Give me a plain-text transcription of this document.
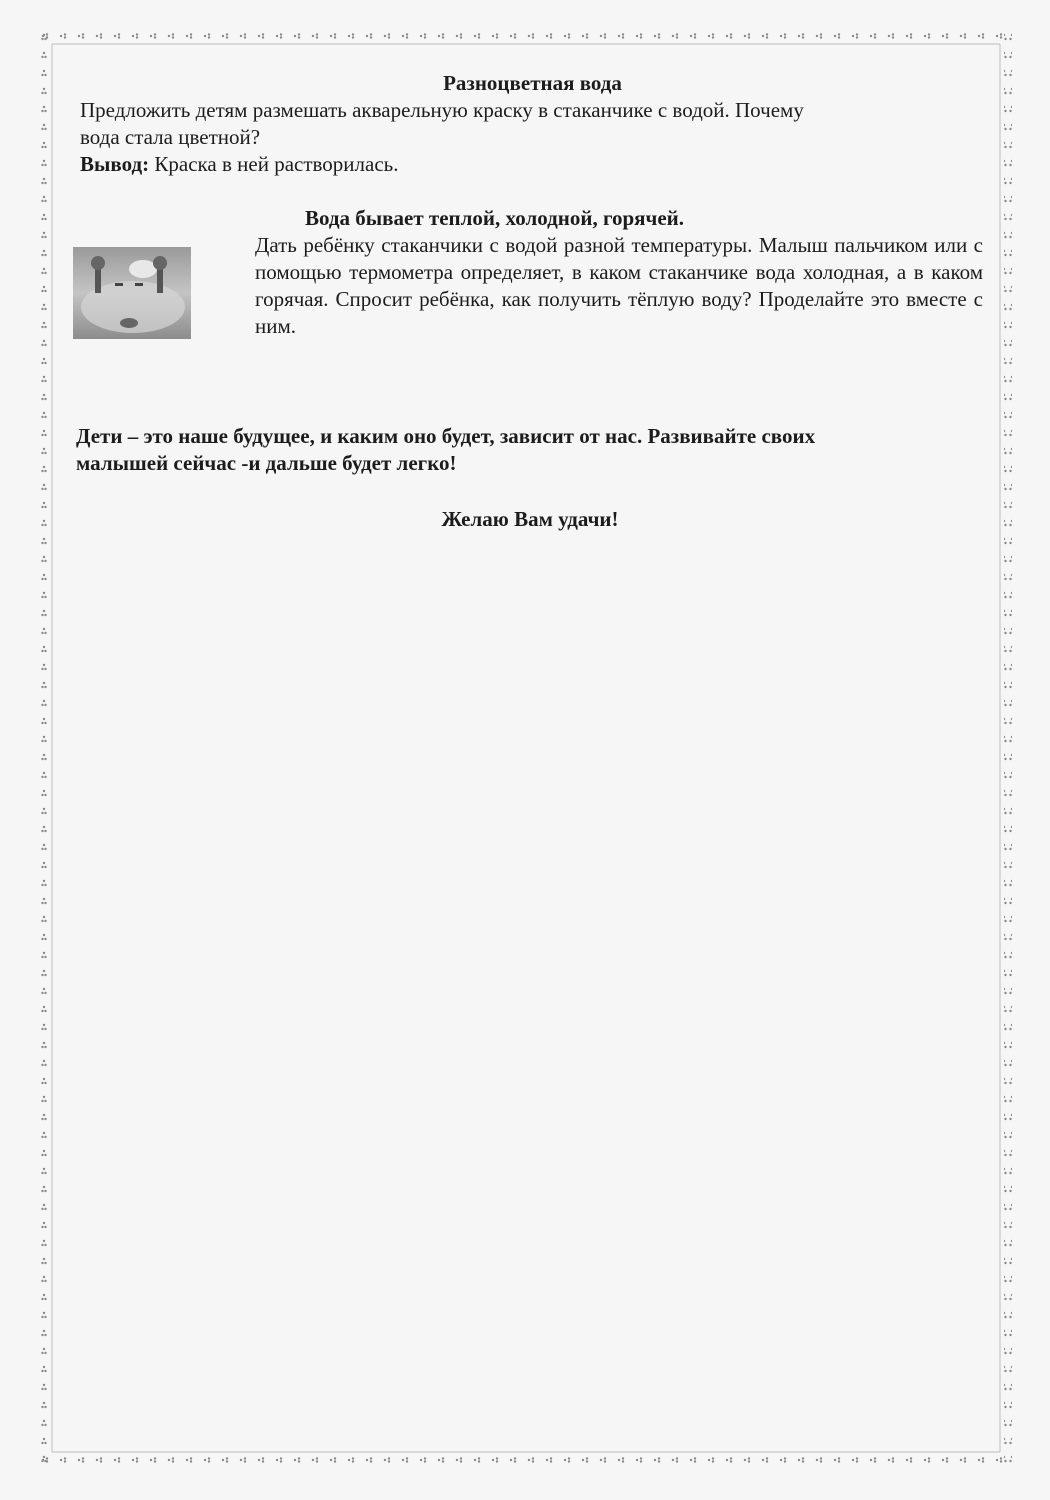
Разноцветная вода

Предложить детям размешать акварельную краску в стаканчике с водой. Почему

вода стала цветной?

Вывод: Краска в ней растворилась.

Вода бывает теплой, холодной, горячей.

Дать ребёнку стаканчики с водой разной температуры. Малыш пальчиком или с помощью термометра определяет, в каком стаканчике вода холодная, а в каком горячая. Спросит ребёнка, как получить тёплую воду? Проделайте это вместе с ним.

Дети – это наше будущее, и каким оно будет, зависит от нас. Развивайте своих
малышей сейчас -и дальше будет легко!

Желаю Вам удачи!
